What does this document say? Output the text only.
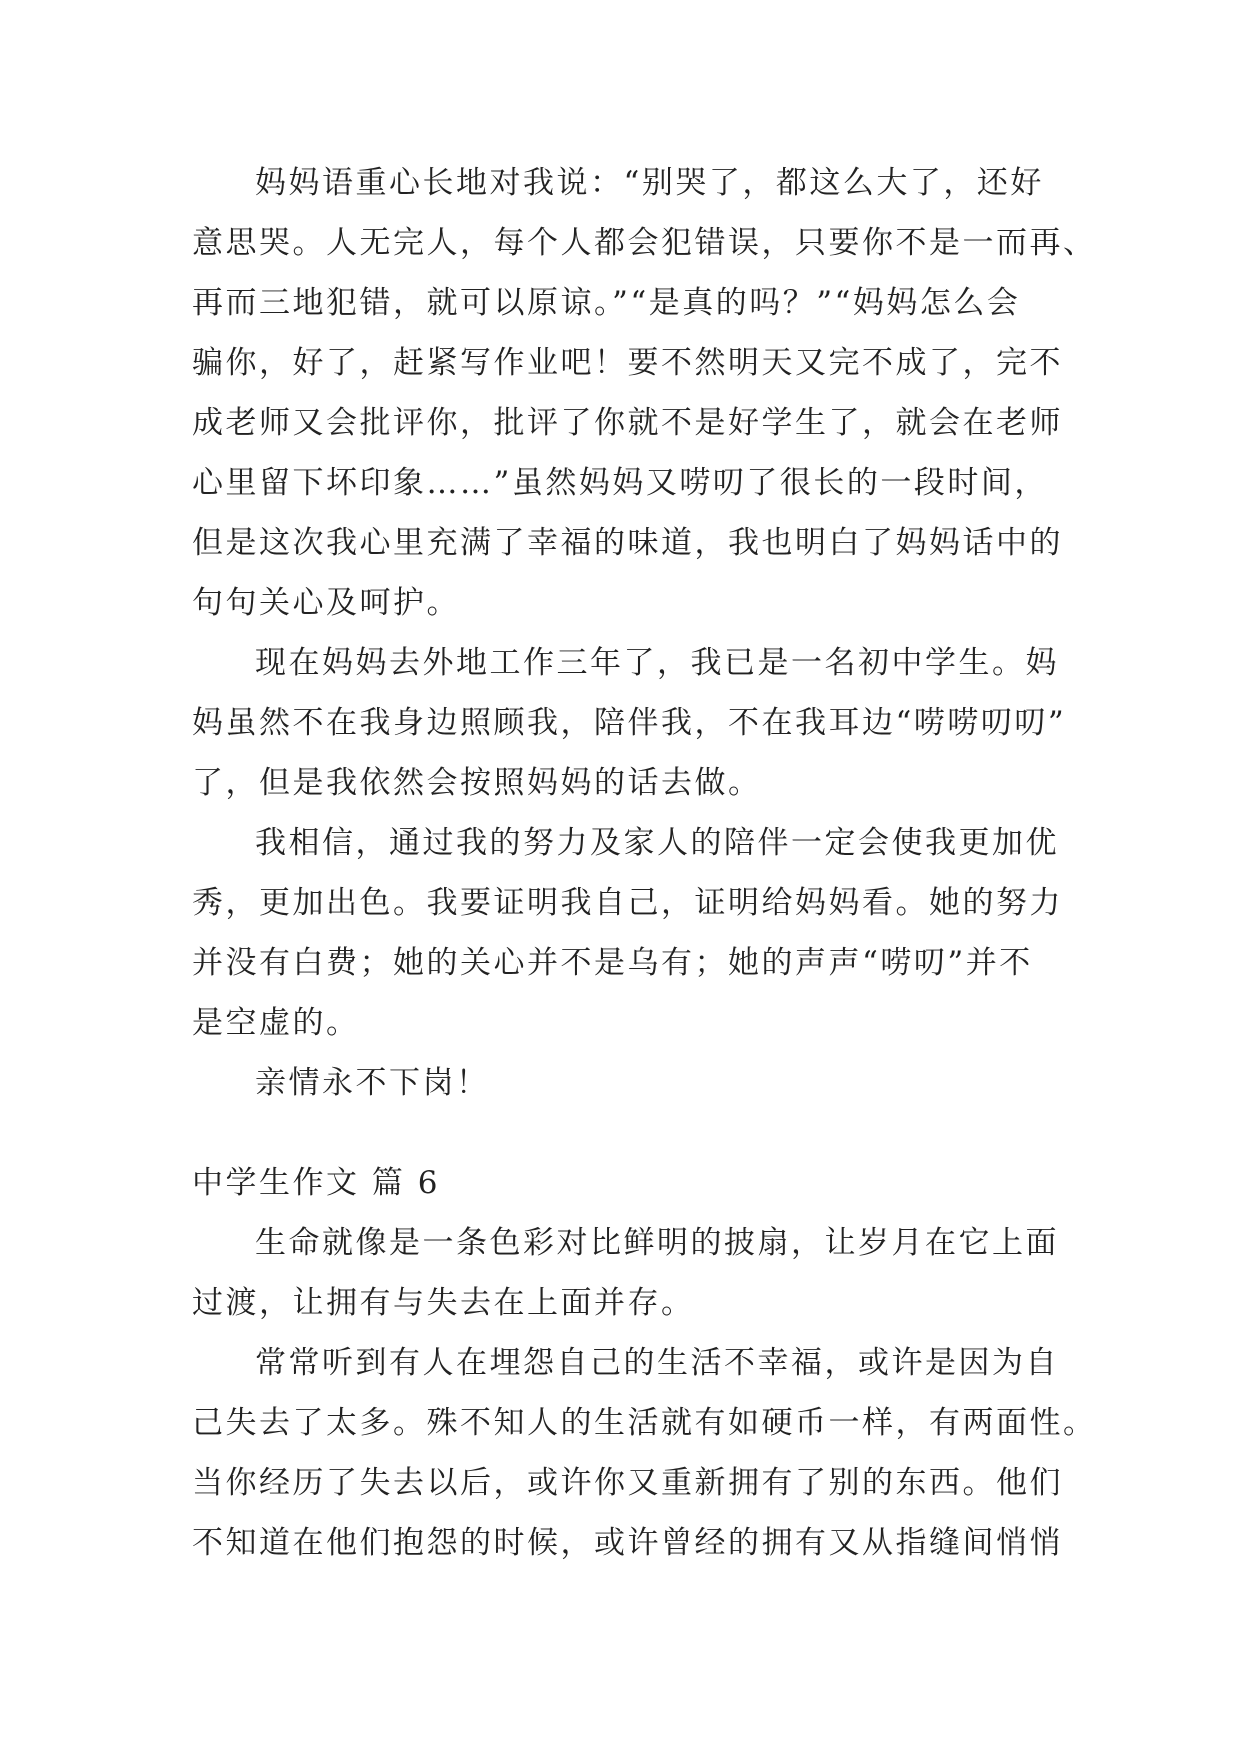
妈妈语重心长地对我说：“别哭了，都这么大了，还好
意思哭。人无完人，每个人都会犯错误，只要你不是一而再、
再而三地犯错，就可以原谅。”“是真的吗？”“妈妈怎么会
骗你，好了，赶紧写作业吧！要不然明天又完不成了，完不
成老师又会批评你，批评了你就不是好学生了，就会在老师
心里留下坏印象……”虽然妈妈又唠叨了很长的一段时间，
但是这次我心里充满了幸福的味道，我也明白了妈妈话中的
句句关心及呵护。
现在妈妈去外地工作三年了，我已是一名初中学生。妈
妈虽然不在我身边照顾我，陪伴我，不在我耳边“唠唠叨叨”
了，但是我依然会按照妈妈的话去做。
我相信，通过我的努力及家人的陪伴一定会使我更加优
秀，更加出色。我要证明我自己，证明给妈妈看。她的努力
并没有白费；她的关心并不是乌有；她的声声“唠叨”并不
是空虚的。
亲情永不下岗！
中学生作文 篇 6
生命就像是一条色彩对比鲜明的披扇，让岁月在它上面
过渡，让拥有与失去在上面并存。
常常听到有人在埋怨自己的生活不幸福，或许是因为自
己失去了太多。殊不知人的生活就有如硬币一样，有两面性。
当你经历了失去以后，或许你又重新拥有了别的东西。他们
不知道在他们抱怨的时候，或许曾经的拥有又从指缝间悄悄
